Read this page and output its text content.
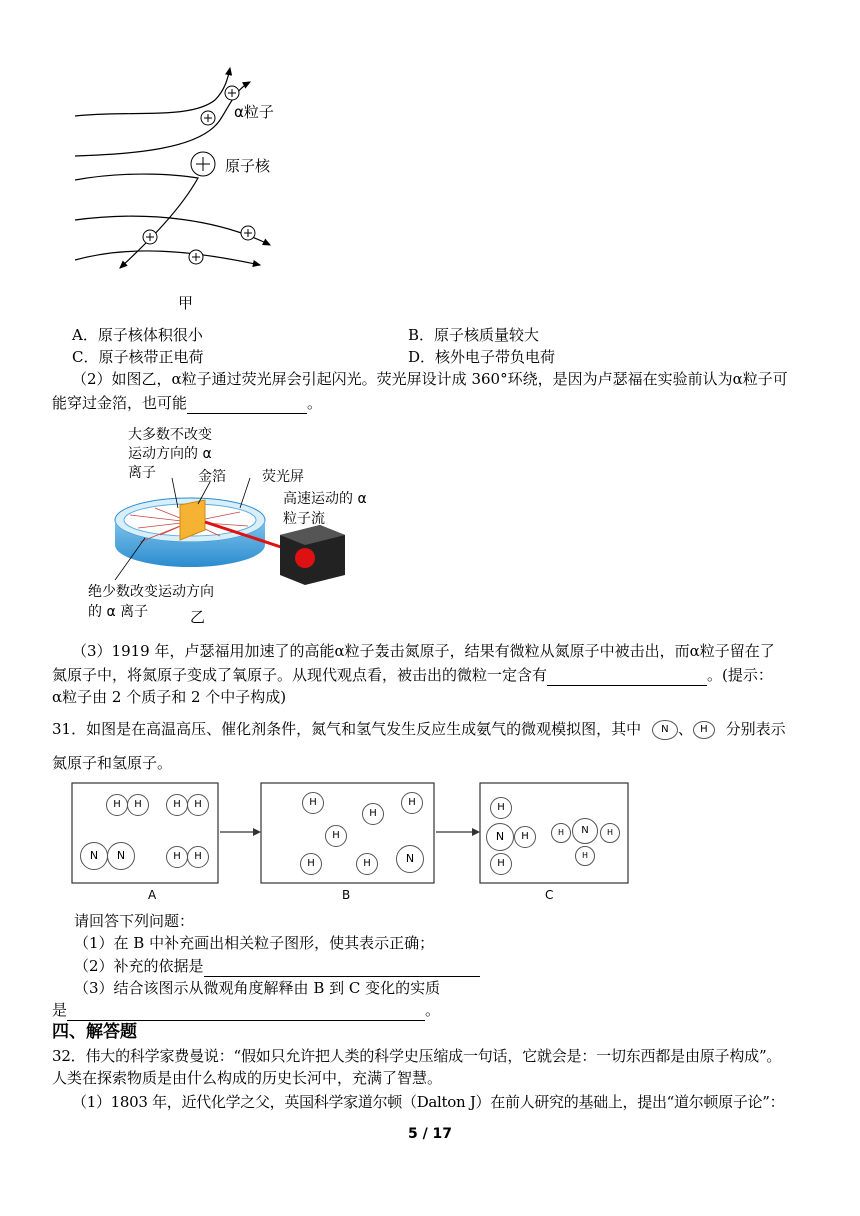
α粒子
原子核
甲
A．原子核体积很小	B．原子核质量较大
C．原子核带正电荷	D．核外电子带负电荷
（2）如图乙，α粒子通过荧光屏会引起闪光。荧光屏设计成 360°环绕，是因为卢瑟福在实验前认为α粒子可
能穿过金箔，也可能	。
大多数不改变
运动方向的 α
离子	金箔	荧光屏
高速运动的 α
粒子流
绝少数改变运动方向
的 α 离子	乙
（3）1919 年，卢瑟福用加速了的高能α粒子轰击氮原子，结果有微粒从氮原子中被击出，而α粒子留在了
氮原子中，将氮原子变成了氧原子。从现代观点看，被击出的微粒一定含有	。(提示：
α粒子由 2 个质子和 2 个中子构成)
31．如图是在高温高压、催化剂条件，氮气和氢气发生反应生成氨气的微观模拟图，其中 N 、 H 分别表示
氮原子和氢原子。
H	H	H	H
N	N	H	H
H	H
H
H
H	H	N
H
N	H
H
H	N	H
H
A	B	C
请回答下列问题：
（1）在 B 中补充画出相关粒子图形，使其表示正确；
（2）补充的依据是
（3）结合该图示从微观角度解释由 B 到 C 变化的实质
是	。
四、解答题
32．伟大的科学家费曼说：“假如只允许把人类的科学史压缩成一句话，它就会是：一切东西都是由原子构成”。
人类在探索物质是由什么构成的历史长河中，充满了智慧。
（1）1803 年，近代化学之父，英国科学家道尔顿（Dalton J）在前人研究的基础上，提出“道尔顿原子论”：
5 / 17
